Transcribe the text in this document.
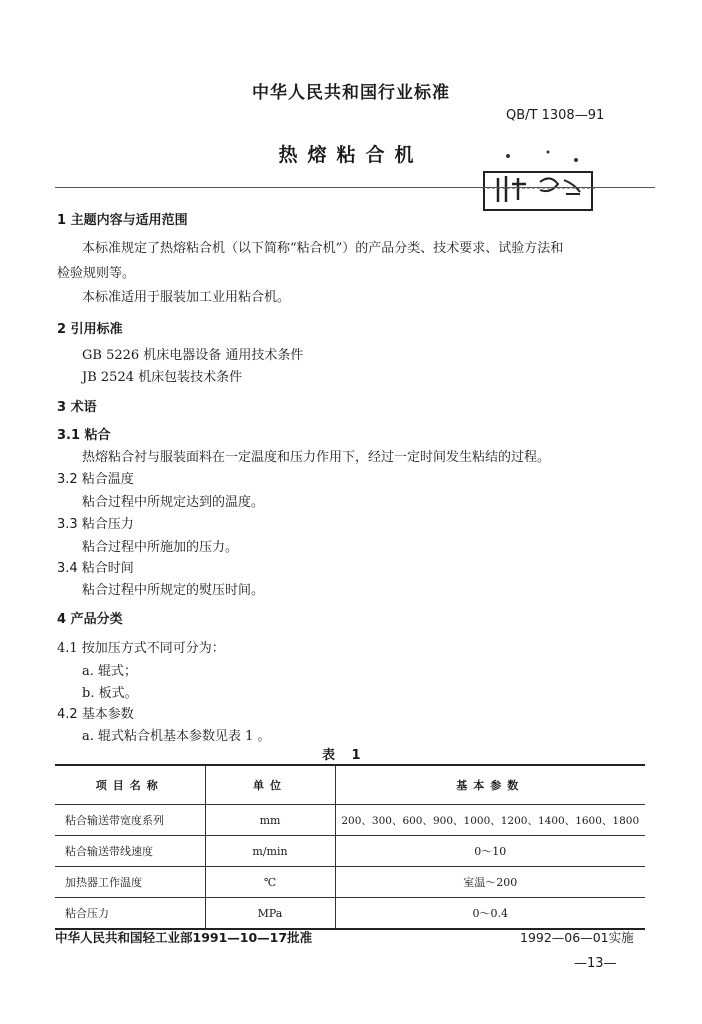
中华人民共和国行业标准
QB/T 1308—91
热熔粘合机
1 主题内容与适用范围
本标准规定了热熔粘合机（以下简称“粘合机”）的产品分类、技术要求、试验方法和
检验规则等。
本标准适用于服装加工业用粘合机。
2 引用标准
GB 5226 机床电器设备 通用技术条件
JB 2524 机床包装技术条件
3 术语
3.1 粘合
热熔粘合衬与服装面料在一定温度和压力作用下，经过一定时间发生粘结的过程。
3.2 粘合温度
粘合过程中所规定达到的温度。
3.3 粘合压力
粘合过程中所施加的压力。
3.4 粘合时间
粘合过程中所规定的熨压时间。
4 产品分类
4.1 按加压方式不同可分为：
a. 辊式；
b. 板式。
4.2 基本参数
a. 辊式粘合机基本参数见表 1 。
表 1
项目名称	单位	基本参数
粘合输送带宽度系列	mm	200、300、600、900、1000、1200、1400、1600、1800
粘合输送带线速度	m/min	0～10
加热器工作温度	℃	室温～200
粘合压力	MPa	0～0.4
中华人民共和国轻工业部1991—10—17批准	1992—06—01实施
—13—
